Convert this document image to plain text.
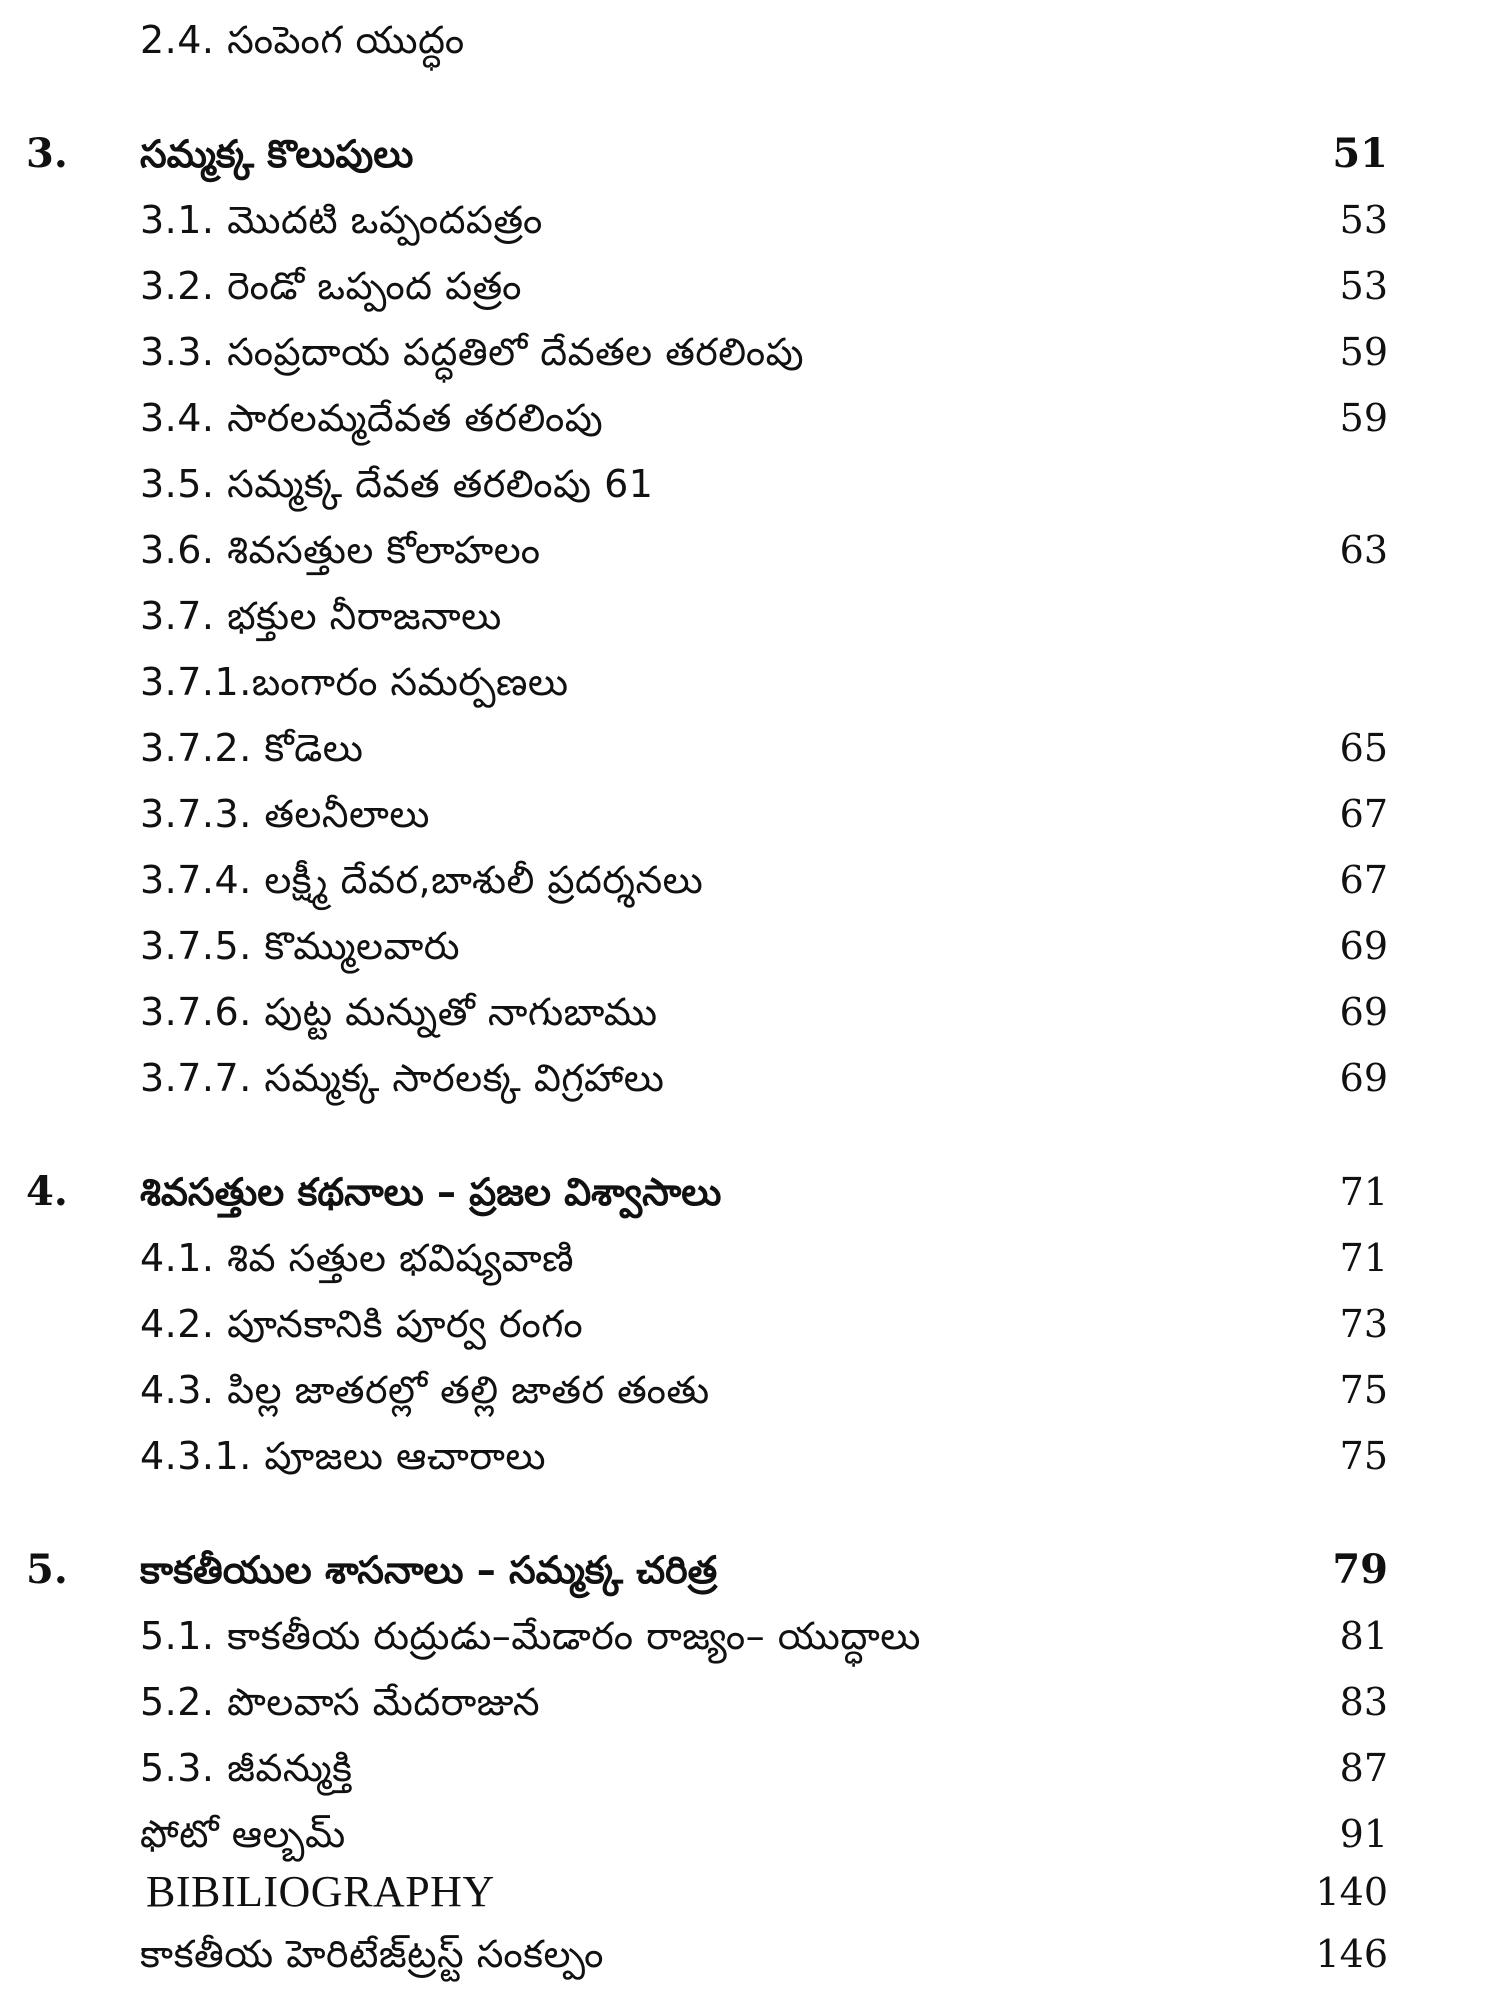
2.4. సంపెంగ యుద్ధం
3. సమ్మక్క కొలుపులు	51
3.1. మొదటి ఒప్పందపత్రం	53
3.2. రెండో ఒప్పంద పత్రం	53
3.3. సంప్రదాయ పద్ధతిలో దేవతల తరలింపు	59
3.4. సారలమ్మదేవత తరలింపు	59
3.5. సమ్మక్క దేవత తరలింపు 61
3.6. శివసత్తుల కోలాహలం	63
3.7. భక్తుల నీరాజనాలు
3.7.1.బంగారం సమర్పణలు
3.7.2. కోడెలు	65
3.7.3. తలనీలాలు	67
3.7.4. లక్ష్మీ దేవర,బాశులీ ప్రదర్శనలు	67
3.7.5. కొమ్ములవారు	69
3.7.6. పుట్ట మన్నుతో నాగుబాము	69
3.7.7. సమ్మక్క సారలక్క విగ్రహాలు	69
4. శివసత్తుల కథనాలు – ప్రజల విశ్వాసాలు	71
4.1. శివ సత్తుల భవిష్యవాణి	71
4.2. పూనకానికి పూర్వ రంగం	73
4.3. పిల్ల జాతరల్లో తల్లి జాతర తంతు	75
4.3.1. పూజలు ఆచారాలు	75
5. కాకతీయుల శాసనాలు – సమ్మక్క చరిత్ర	79
5.1. కాకతీయ రుద్రుడు–మేడారం రాజ్యం– యుద్ధాలు	81
5.2. పొలవాస మేదరాజున	83
5.3. జీవన్ముక్తి	87
ఫోటో ఆల్బమ్	91
BIBILIOGRAPHY	140
కాకతీయ హెరిటేజ్‌ట్రస్ట్ సంకల్పం	146
